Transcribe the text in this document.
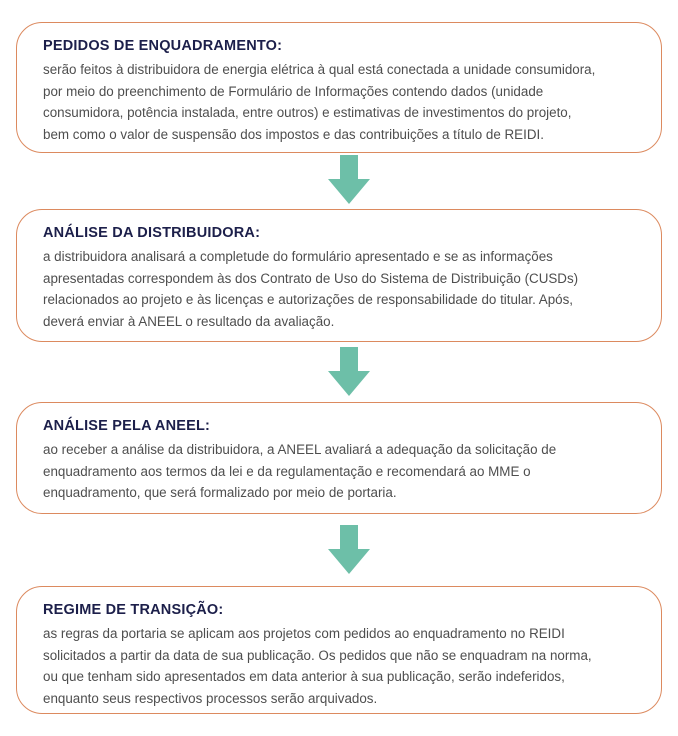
PEDIDOS DE ENQUADRAMENTO:
serão feitos à distribuidora de energia elétrica à qual está conectada a unidade consumidora,
por meio do preenchimento de Formulário de Informações contendo dados (unidade
consumidora, potência instalada, entre outros) e estimativas de investimentos do projeto,
bem como o valor de suspensão dos impostos e das contribuições a título de REIDI.
ANÁLISE DA DISTRIBUIDORA:
a distribuidora analisará a completude do formulário apresentado e se as informações
apresentadas correspondem às dos Contrato de Uso do Sistema de Distribuição (CUSDs)
relacionados ao projeto e às licenças e autorizações de responsabilidade do titular. Após,
deverá enviar à ANEEL o resultado da avaliação.
ANÁLISE PELA ANEEL:
ao receber a análise da distribuidora, a ANEEL avaliará a adequação da solicitação de
enquadramento aos termos da lei e da regulamentação e recomendará ao MME o
enquadramento, que será formalizado por meio de portaria.
REGIME DE TRANSIÇÃO:
as regras da portaria se aplicam aos projetos com pedidos ao enquadramento no REIDI
solicitados a partir da data de sua publicação. Os pedidos que não se enquadram na norma,
ou que tenham sido apresentados em data anterior à sua publicação, serão indeferidos,
enquanto seus respectivos processos serão arquivados.
